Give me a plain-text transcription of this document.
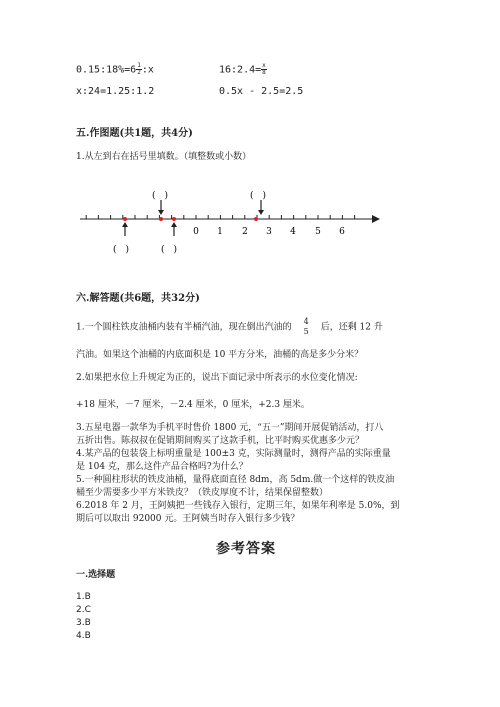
0.15:18%=6 $\frac{1}{2}$ :x	16:2.4= $\frac{x}{8}$
x:24=1.25:1.2	0.5x - 2.5=2.5
五.作图题(共1题，共4分)
1.从左到右在括号里填数。（填整数或小数）
(　)	(　)
(　)	(　)
0 1 2 3 4 5 6
六.解答题(共6题，共32分)
1.一个圆柱铁皮油桶内装有半桶汽油，现在倒出汽油的
4
5 后，还剩 12 升
汽油。如果这个油桶的内底面积是 10 平方分米，油桶的高是多少分米？
2.如果把水位上升规定为正的，说出下面记录中所表示的水位变化情况:
+18 厘米，－7 厘米，－2.4 厘米，0 厘米，+2.3 厘米。
3.五星电器一款华为手机平时售价 1800 元，“五一”期间开展促销活动，打八
五折出售。陈叔叔在促销期间购买了这款手机，比平时购买优惠多少元？
4.某产品的包装袋上标明重量是 100±3 克，实际测量时，测得产品的实际重量
是 104 克，那么这件产品合格吗?为什么？
5.一种圆柱形状的铁皮油桶，量得底面直径 8dm，高 5dm.做一个这样的铁皮油
桶至少需要多少平方米铁皮？（铁皮厚度不计，结果保留整数）
6.2018 年 2 月，王阿姨把一些钱存入银行，定期三年，如果年利率是 5.0%，到
期后可以取出 92000 元。王阿姨当时存入银行多少钱？
参考答案
一.选择题
1.B
2.C
3.B
4.B
